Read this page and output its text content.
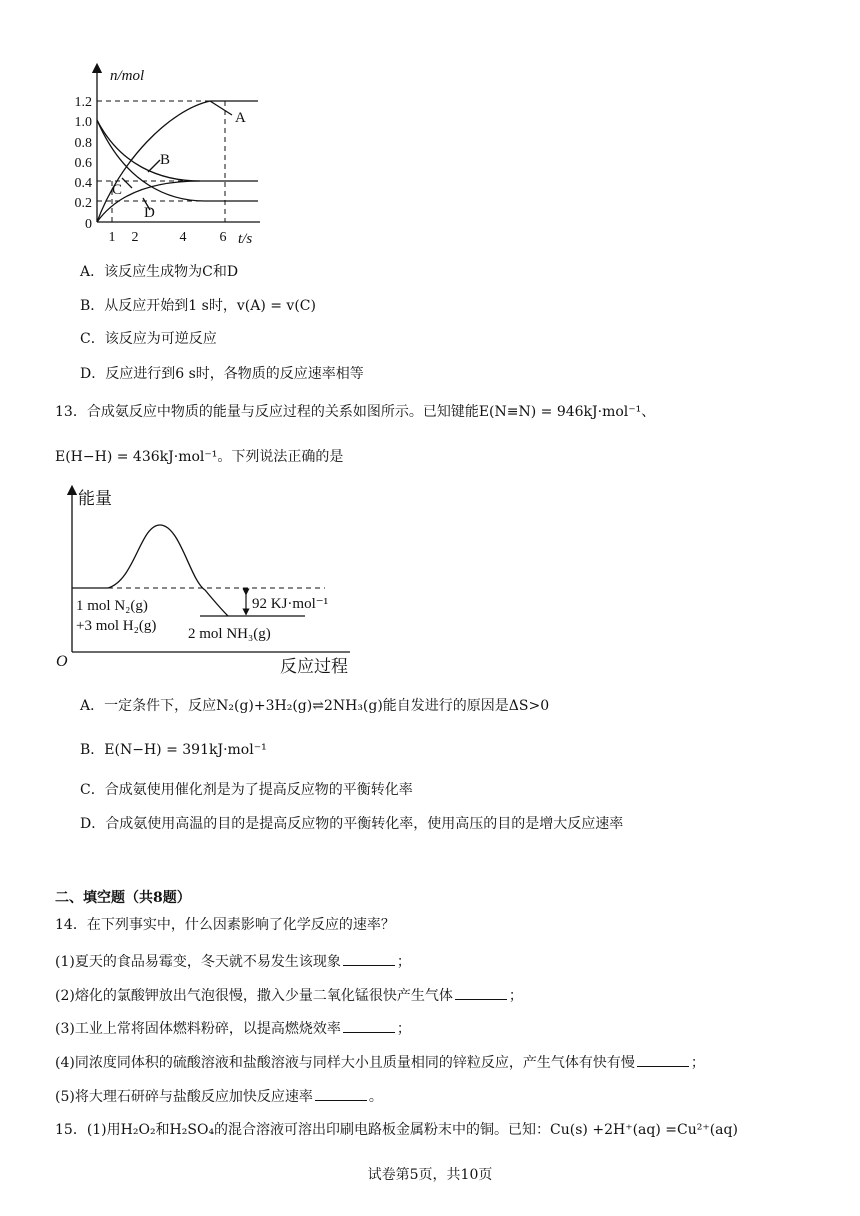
n/mol
t/s
1.2
1.0
0.8
0.6
0.4
0.2
0
1 2	4 6
A
B
C
D
A．该反应生成物为C和D
B．从反应开始到1 s时，v(A) = v(C)
C．该反应为可逆反应
D．反应进行到6 s时，各物质的反应速率相等
13．合成氨反应中物质的能量与反应过程的关系如图所示。已知键能E(N≡N) = 946kJ·mol⁻¹、
E(H−H) = 436kJ·mol⁻¹。下列说法正确的是
能量
反应过程
O
92 KJ·mol⁻¹
1 mol N₂(g)
+3 mol H₂(g) 2 mol NH₃(g)
A．一定条件下，反应N₂(g)+3H₂(g)⇌2NH₃(g)能自发进行的原因是ΔS>0
B．E(N−H) = 391kJ·mol⁻¹
C．合成氨使用催化剂是为了提高反应物的平衡转化率
D．合成氨使用高温的目的是提高反应物的平衡转化率，使用高压的目的是增大反应速率
二、填空题（共8题）
14．在下列事实中，什么因素影响了化学反应的速率？
(1)夏天的食品易霉变，冬天就不易发生该现象	；
(2)熔化的氯酸钾放出气泡很慢，撒入少量二氧化锰很快产生气体	；
(3)工业上常将固体燃料粉碎，以提高燃烧效率	；
(4)同浓度同体积的硫酸溶液和盐酸溶液与同样大小且质量相同的锌粒反应，产生气体有快有慢	；
(5)将大理石研碎与盐酸反应加快反应速率	。
15．(1)用H₂O₂和H₂SO₄的混合溶液可溶出印刷电路板金属粉末中的铜。已知：Cu(s) +2H⁺(aq) =Cu²⁺(aq)
试卷第5页，共10页
